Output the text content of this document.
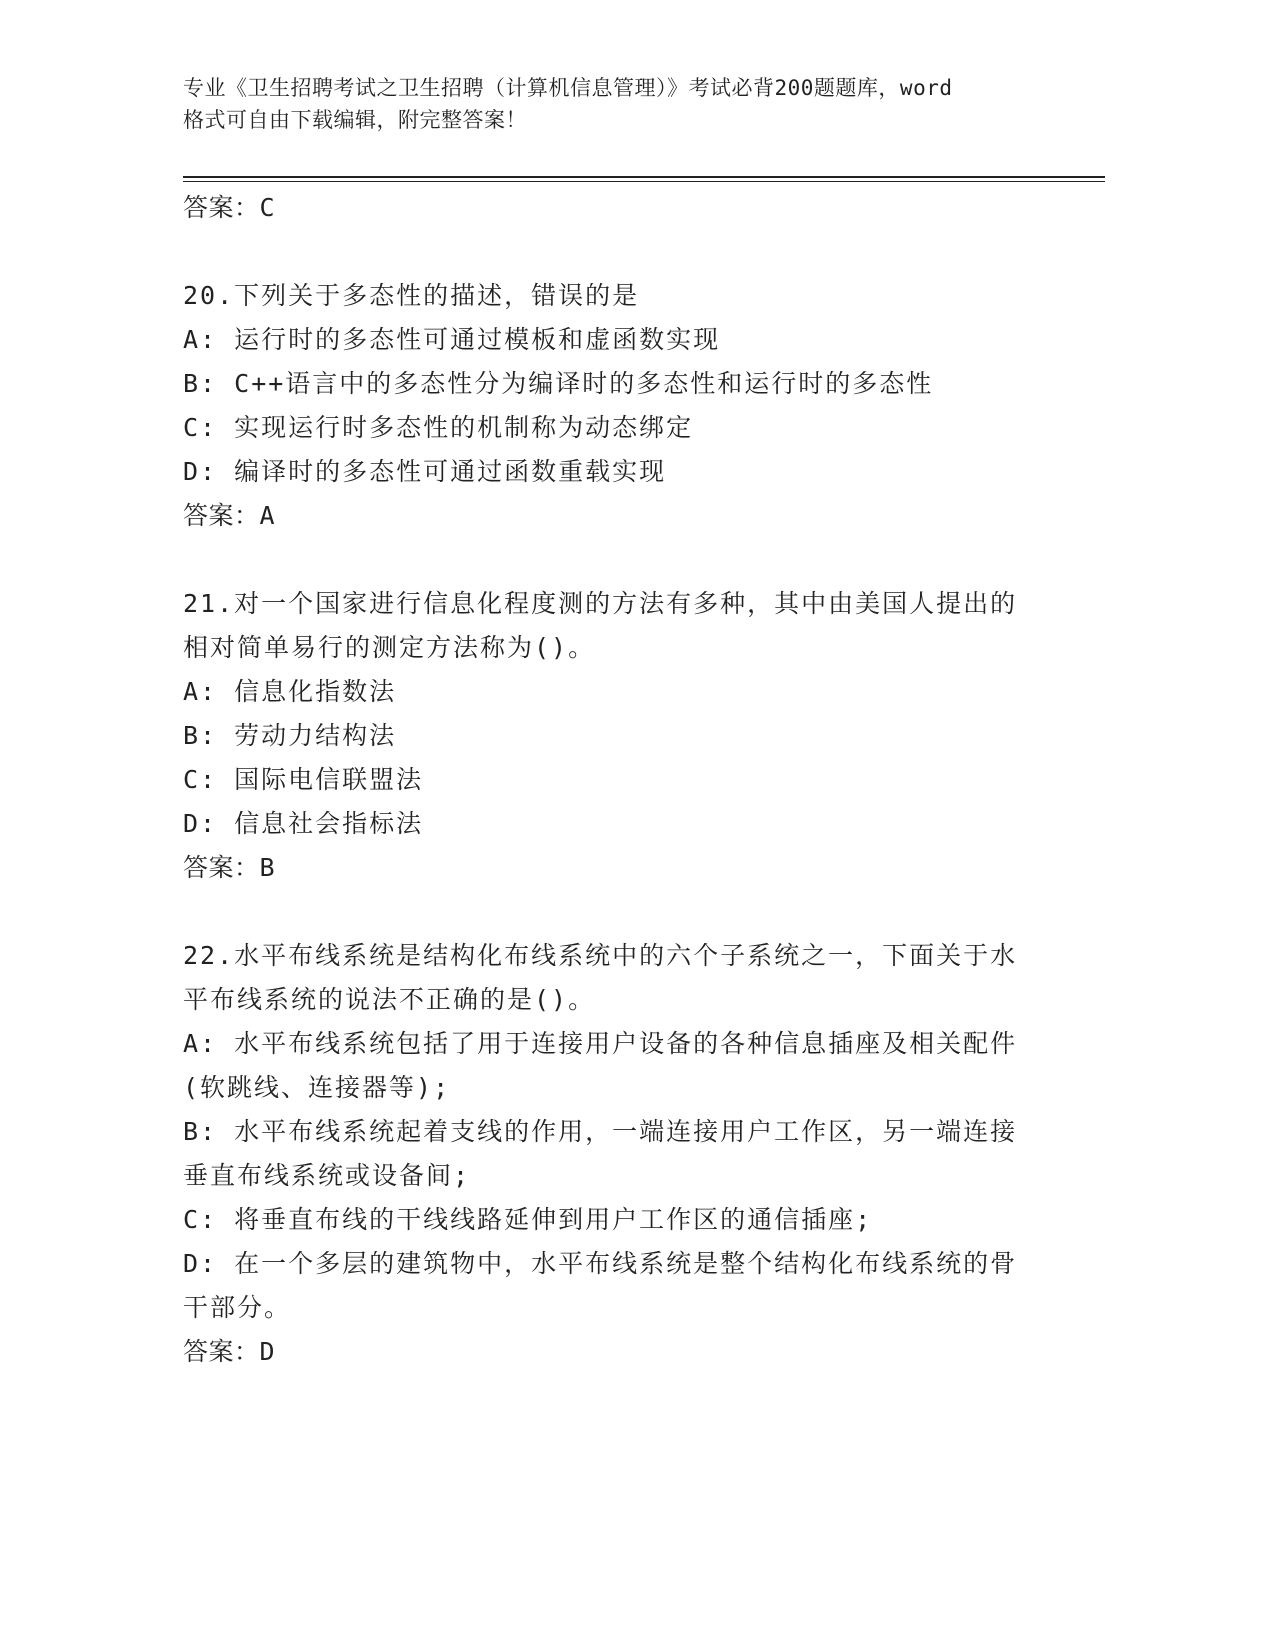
专业《卫生招聘考试之卫生招聘（计算机信息管理）》考试必背200题题库，word
格式可自由下载编辑，附完整答案！

答案：C

20.下列关于多态性的描述，错误的是

A: 运行时的多态性可通过模板和虚函数实现

B: C++语言中的多态性分为编译时的多态性和运行时的多态性

C: 实现运行时多态性的机制称为动态绑定

D: 编译时的多态性可通过函数重载实现

答案：A

21.对一个国家进行信息化程度测的方法有多种，其中由美国人提出的

相对简单易行的测定方法称为()。

A: 信息化指数法

B: 劳动力结构法

C: 国际电信联盟法

D: 信息社会指标法

答案：B

22.水平布线系统是结构化布线系统中的六个子系统之一，下面关于水

平布线系统的说法不正确的是()。

A: 水平布线系统包括了用于连接用户设备的各种信息插座及相关配件

(软跳线、连接器等);

B: 水平布线系统起着支线的作用，一端连接用户工作区，另一端连接

垂直布线系统或设备间;

C: 将垂直布线的干线线路延伸到用户工作区的通信插座;

D: 在一个多层的建筑物中，水平布线系统是整个结构化布线系统的骨

干部分。

答案：D
